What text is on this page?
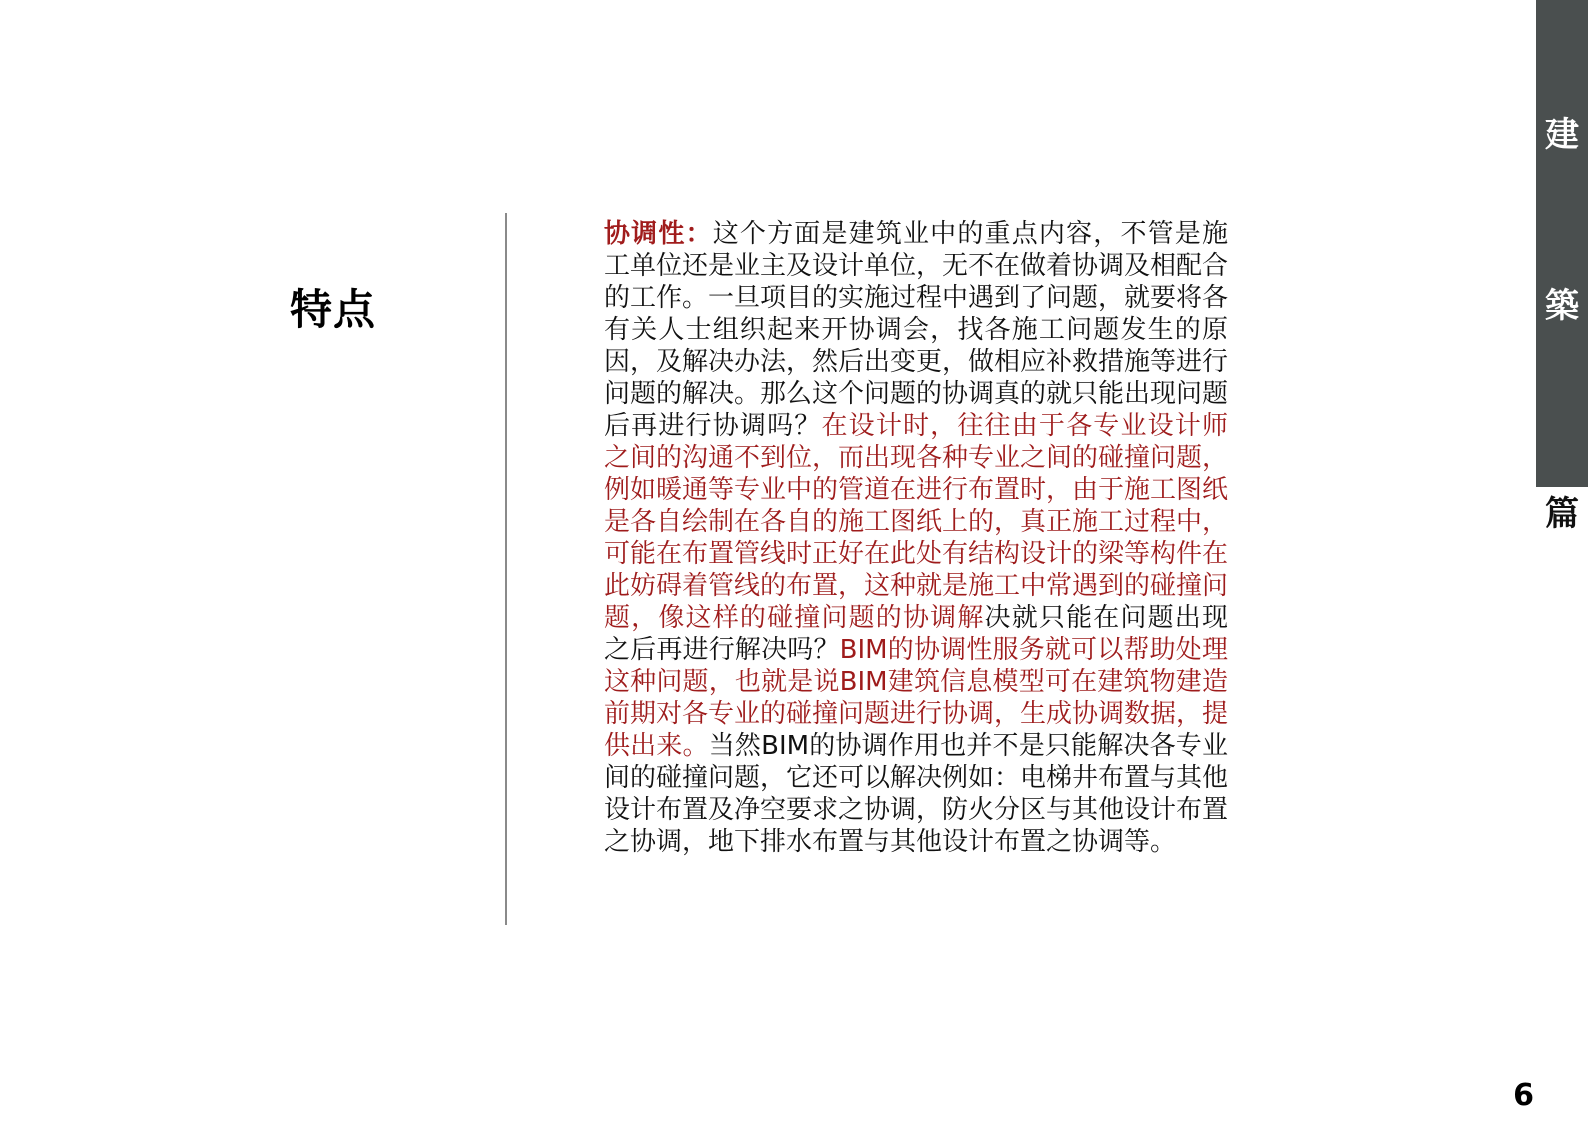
建
築
篇
特点
协调性：这个方面是建筑业中的重点内容，不管是施工单位还是业主及设计单位，无不在做着协调及相配合的工作。一旦项目的实施过程中遇到了问题，就要将各有关人士组织起来开协调会，找各施工问题发生的原因，及解决办法，然后出变更，做相应补救措施等进行问题的解决。那么这个问题的协调真的就只能出现问题后再进行协调吗？在设计时，往往由于各专业设计师之间的沟通不到位，而出现各种专业之间的碰撞问题，例如暖通等专业中的管道在进行布置时，由于施工图纸是各自绘制在各自的施工图纸上的，真正施工过程中，可能在布置管线时正好在此处有结构设计的梁等构件在此妨碍着管线的布置，这种就是施工中常遇到的碰撞问题，像这样的碰撞问题的协调解决就只能在问题出现之后再进行解决吗？BIM的协调性服务就可以帮助处理这种问题，也就是说BIM建筑信息模型可在建筑物建造前期对各专业的碰撞问题进行协调，生成协调数据，提供出来。当然BIM的协调作用也并不是只能解决各专业间的碰撞问题，它还可以解决例如：电梯井布置与其他设计布置及净空要求之协调，防火分区与其他设计布置之协调，地下排水布置与其他设计布置之协调等。
6
